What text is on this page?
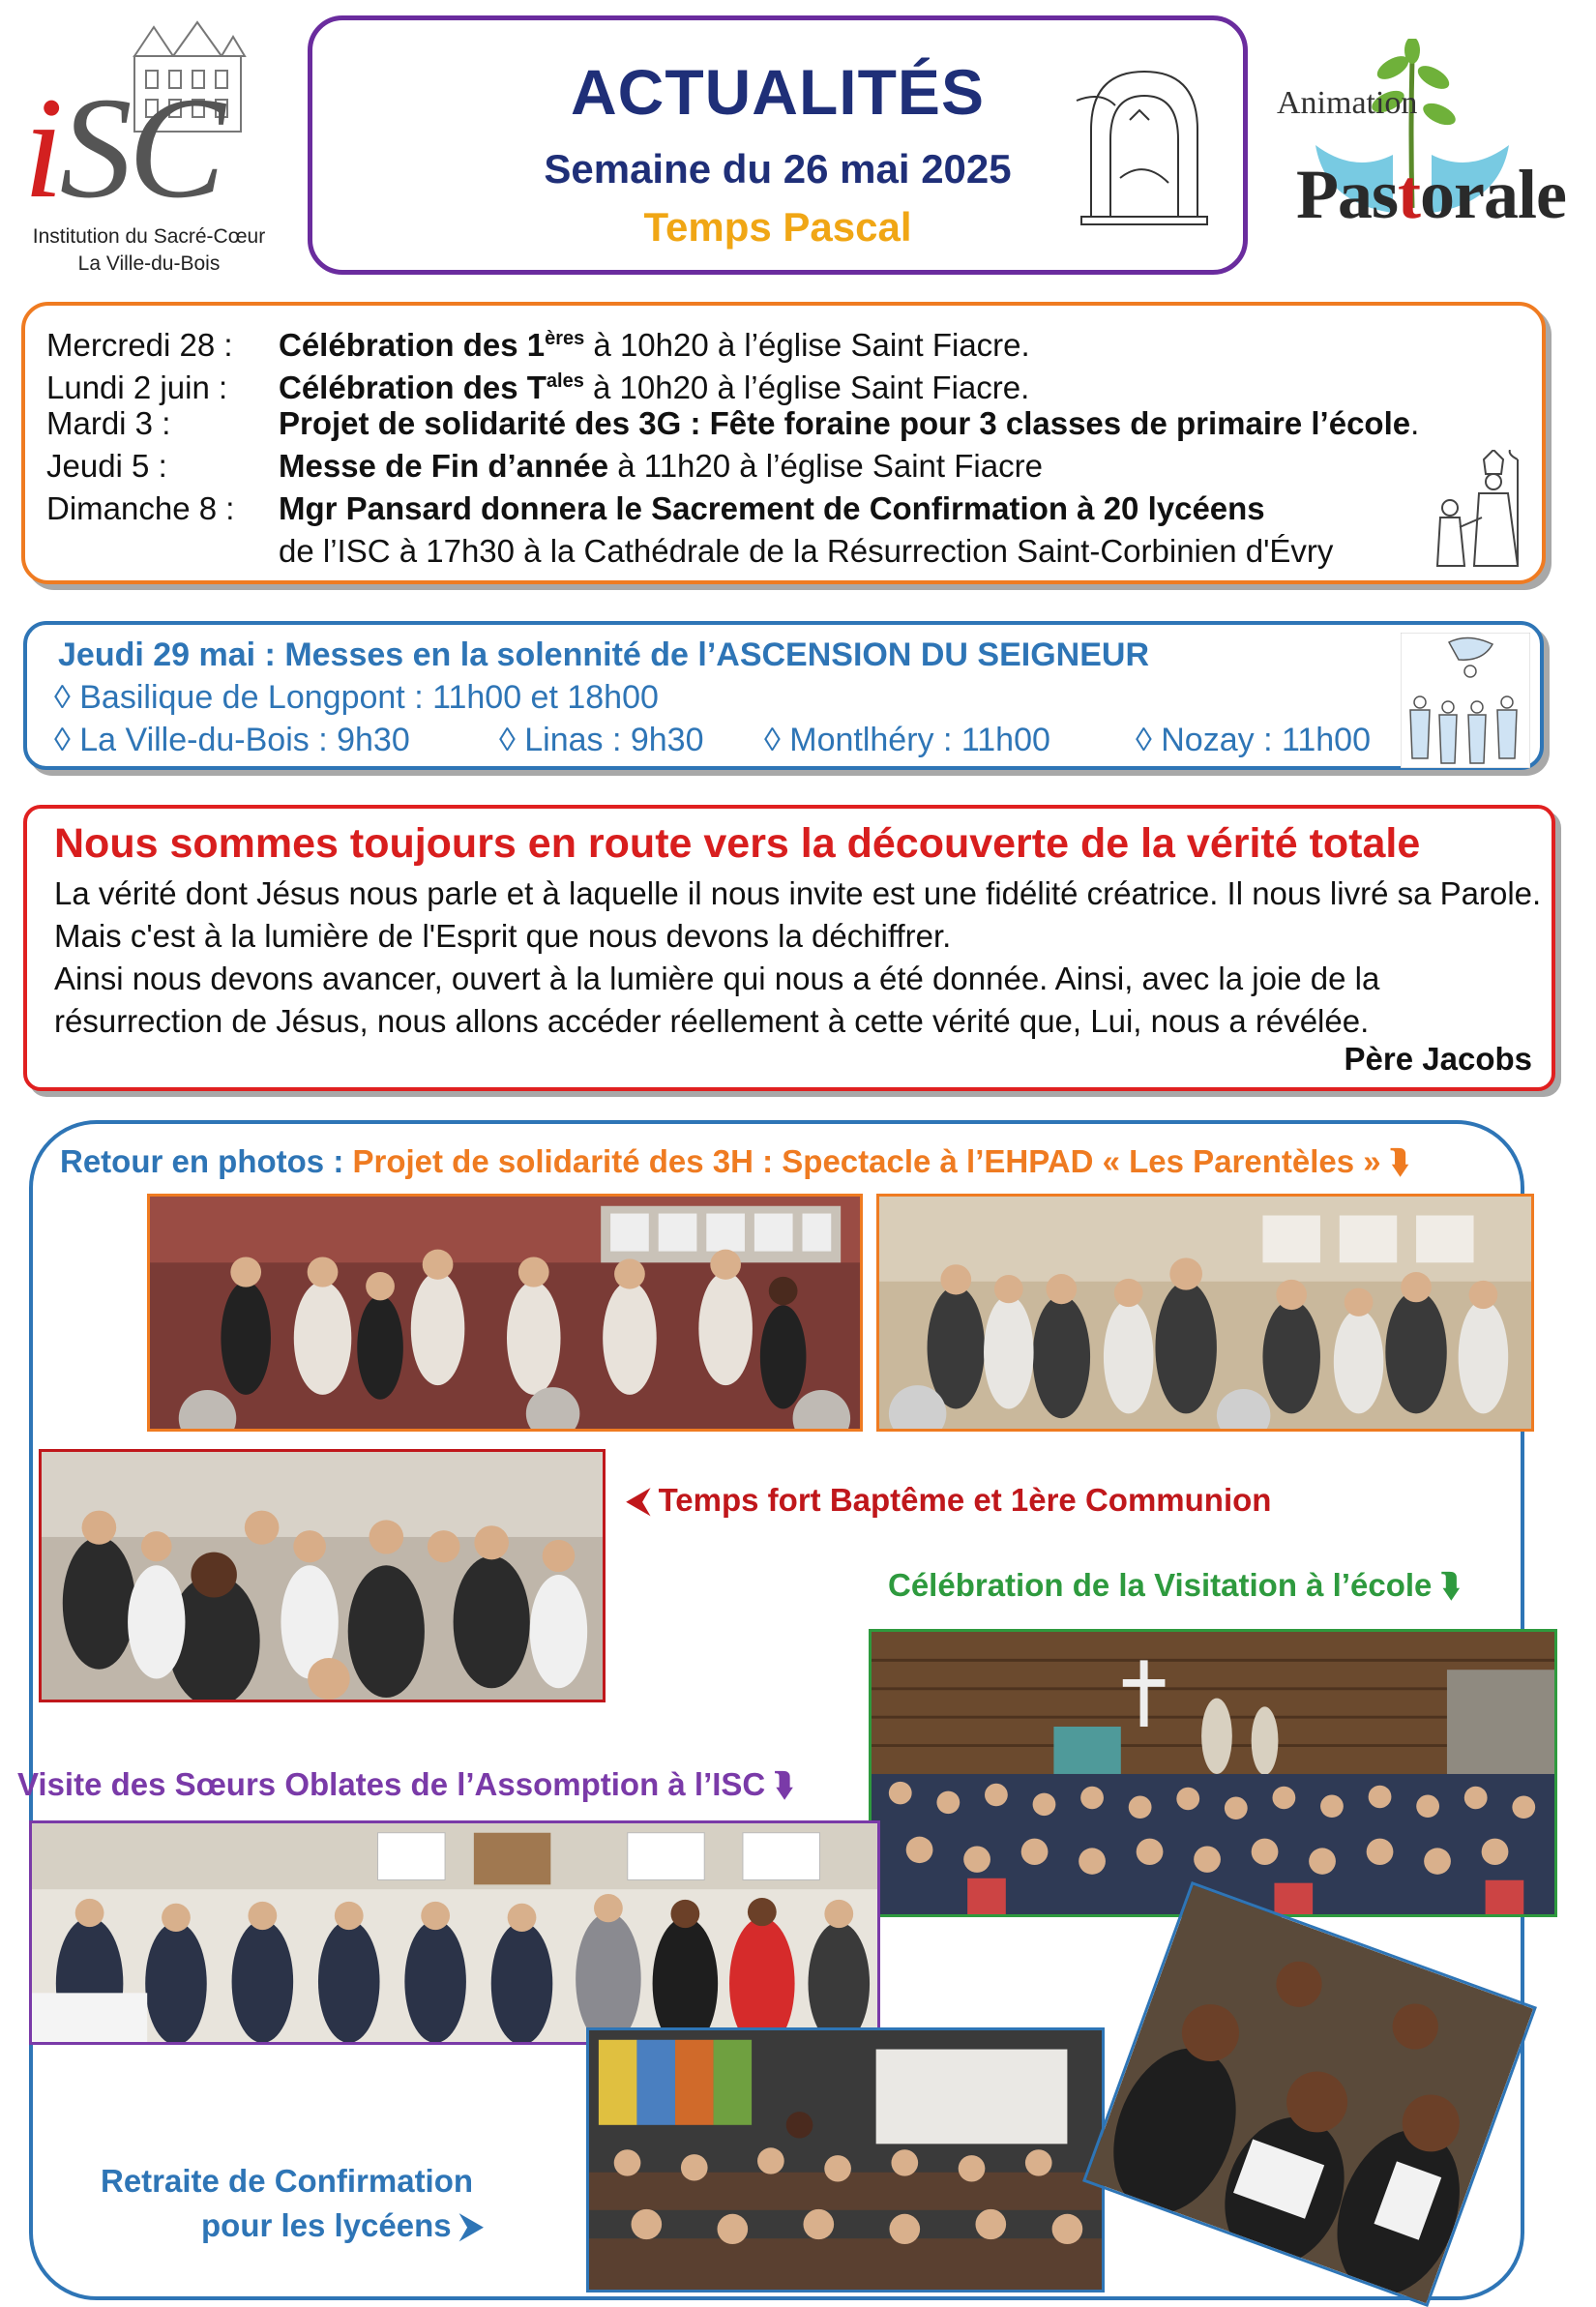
iSC
Institution du Sacré-Cœur
La Ville-du-Bois
ACTUALITÉS
Semaine du 26 mai 2025
Temps Pascal
Animation
Pastorale
Mercredi 28 : Célébration des 1ères à 10h20 à l’église Saint Fiacre.
Lundi 2 juin : Célébration des $T^{ales}$ à 10h20 à l’église Saint Fiacre.
Mardi 3 :	Projet de solidarité des 3G : Fête foraine pour 3 classes de primaire l’école.
Jeudi 5 :	Messe de Fin d’année à 11h20 à l’église Saint Fiacre
Dimanche 8 : Mgr Pansard donnera le Sacrement de Confirmation à 20 lycéens
de l’ISC à 17h30 à la Cathédrale de la Résurrection Saint-Corbinien d'Évry
Jeudi 29 mai : Messes en la solennité de l’ASCENSION DU SEIGNEUR
◊ Basilique de Longpont : 11h00 et 18h00
◊ La Ville-du-Bois : 9h30	◊ Linas : 9h30 ◊ Montlhéry : 11h00	◊ Nozay : 11h00
Nous sommes toujours en route vers la découverte de la vérité totale
La vérité dont Jésus nous parle et à laquelle il nous invite est une fidélité créatrice. Il nous livré sa Parole. Mais c'est à la lumière de l'Esprit que nous devons la déchiffrer.
Ainsi nous devons avancer, ouvert à la lumière qui nous a été donnée. Ainsi, avec la joie de la résurrection de Jésus, nous allons accéder réellement à cette vérité que, Lui, nous a révélée.
Père Jacobs
Retour en photos : Projet de solidarité des 3H : Spectacle à l’EHPAD « Les Parentèles » ⮯
⮜ Temps fort Baptême et 1ère Communion
Célébration de la Visitation à l’école ⮯
Visite des Sœurs Oblates de l’Assomption à l’ISC ⮯
Retraite de Confirmation
pour les lycéens ⮞
